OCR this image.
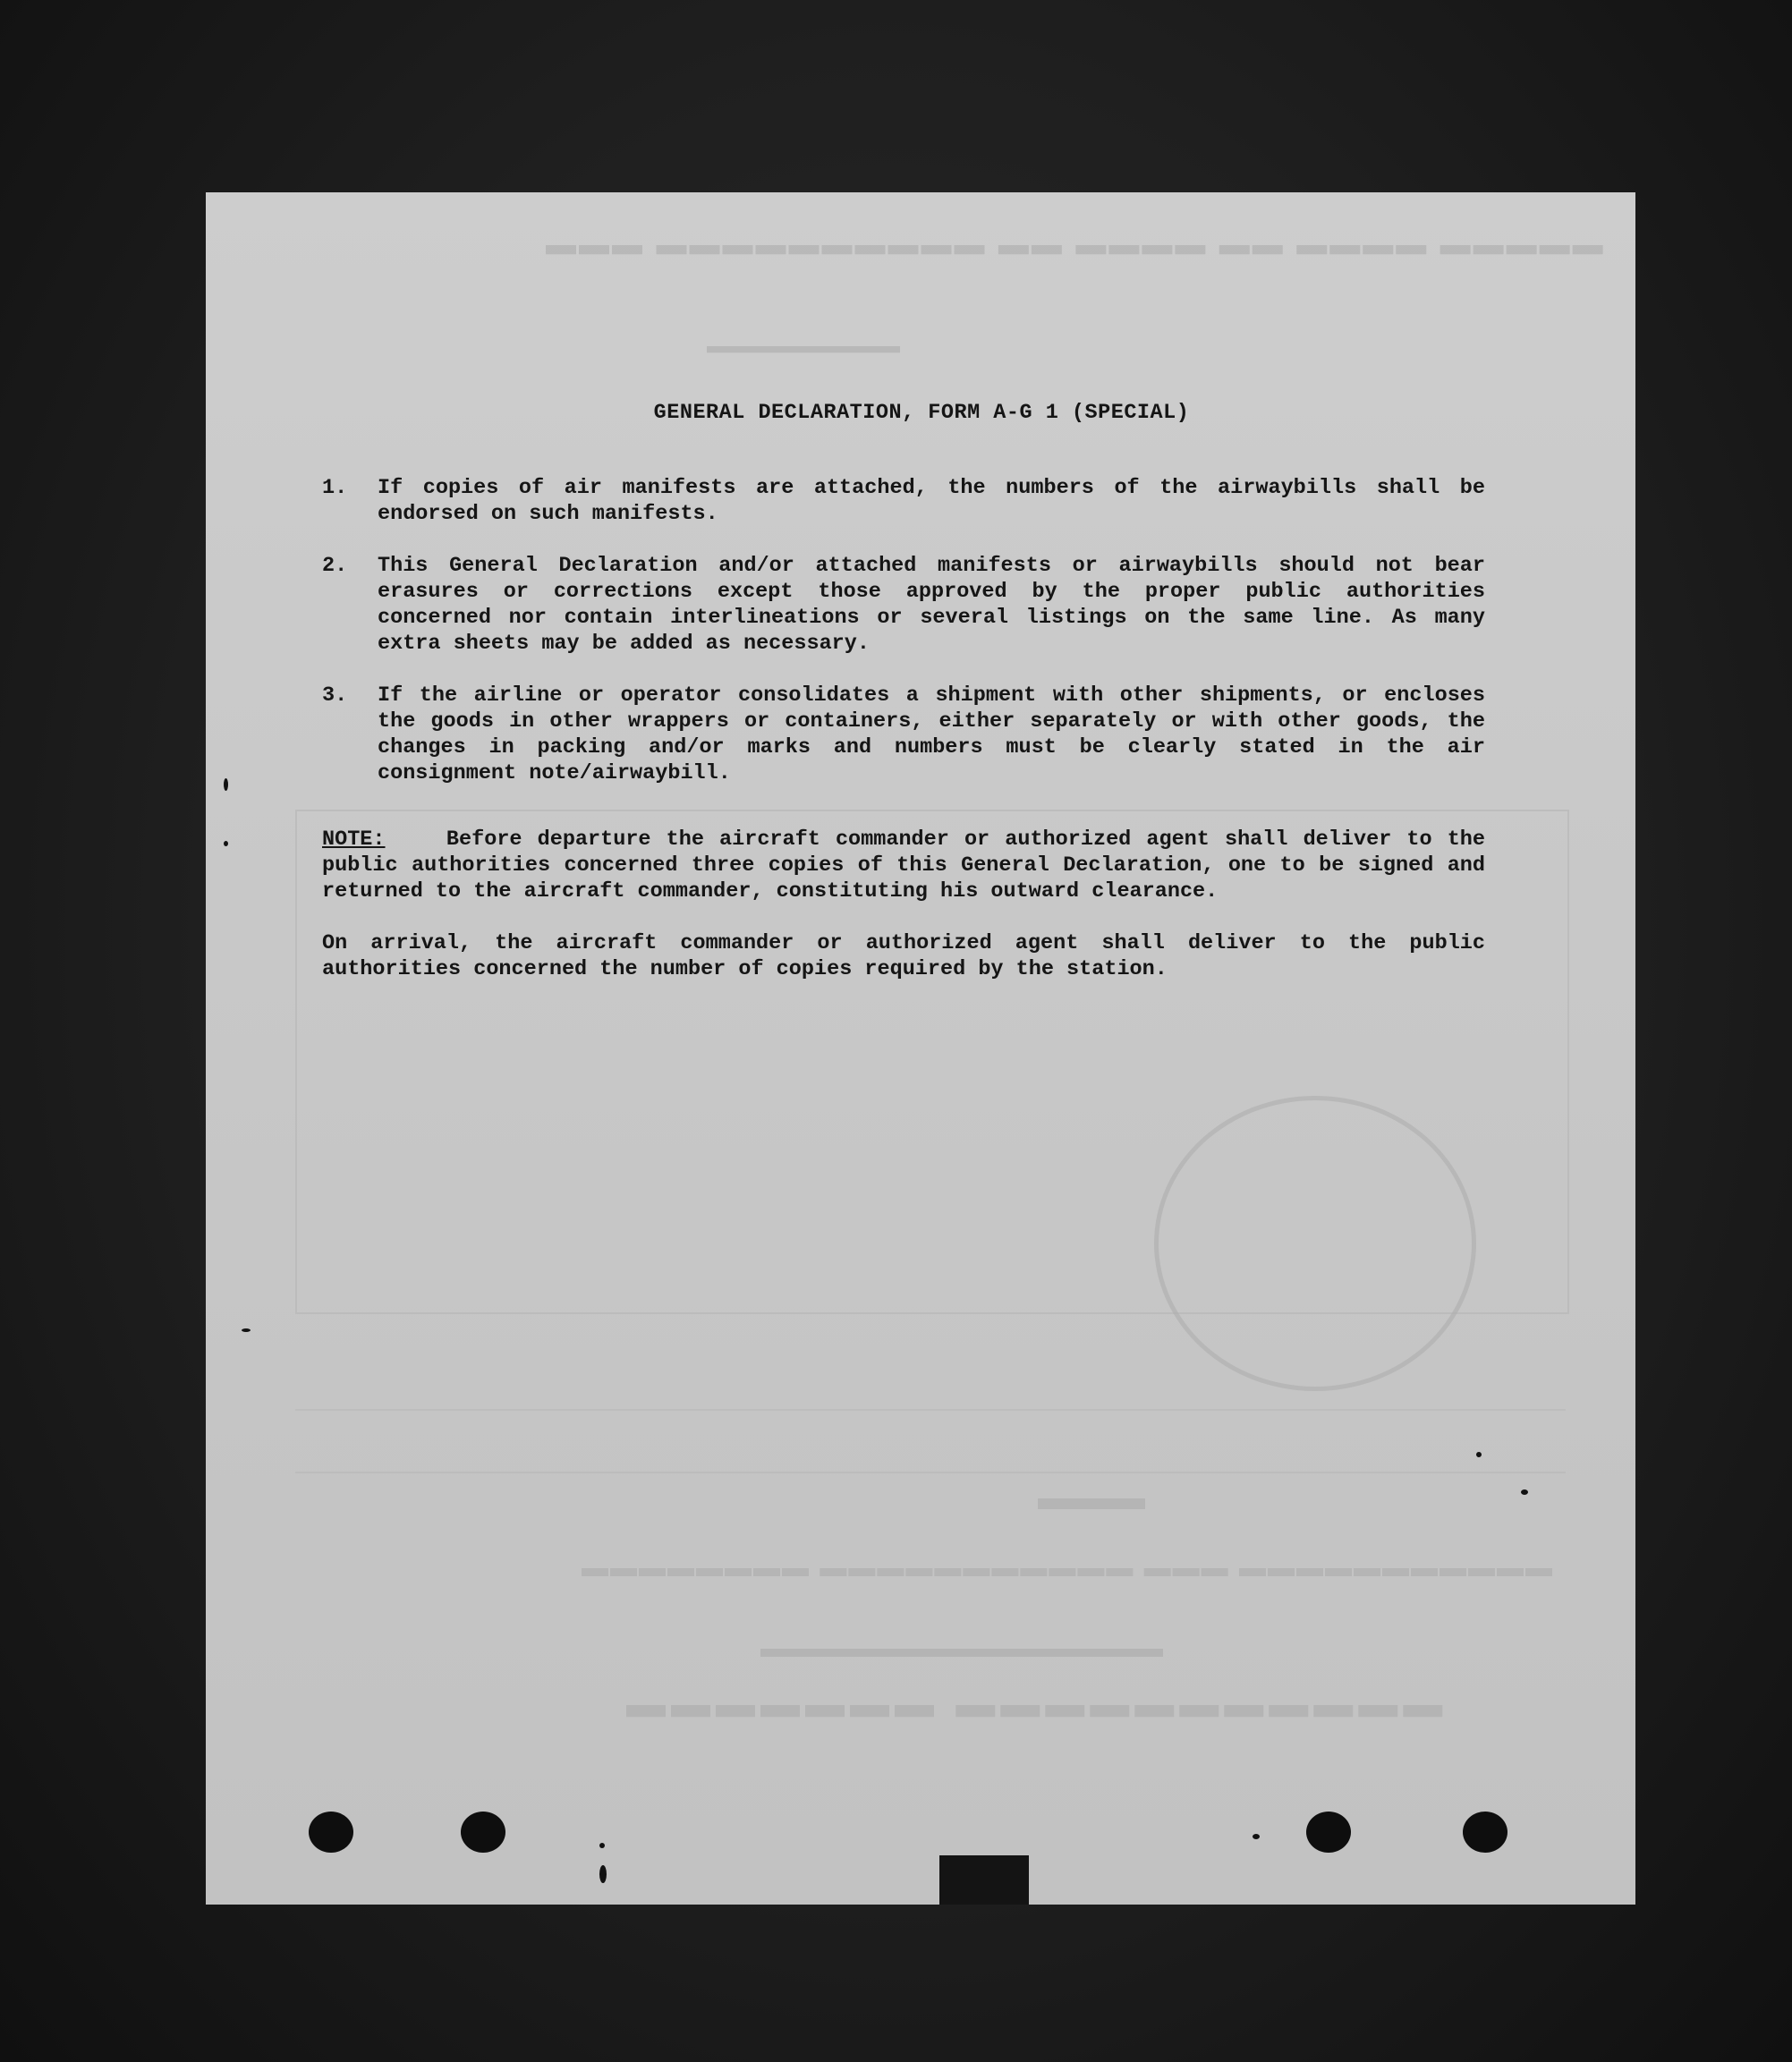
▬▬▬ ▬▬▬▬▬▬▬▬▬▬ ▬▬ ▬▬▬▬ ▬▬ ▬▬▬▬ ▬▬▬▬▬
▬▬▬▬▬▬▬▬▬
▬▬▬▬▬▬▬▬ ▬▬▬▬▬▬▬▬▬▬▬ ▬▬▬ ▬▬▬▬▬▬▬▬▬▬▬
▬▬▬▬▬▬▬▬▬▬▬▬▬▬▬
▬▬▬▬▬▬▬ ▬▬▬▬▬▬▬▬▬▬▬
▬▬▬
GENERAL DECLARATION, FORM A-G 1 (SPECIAL)
1. If copies of air manifests are attached, the numbers of the airwaybills shall be endorsed on such manifests.
2. This General Declaration and/or attached manifests or airwaybills should not bear erasures or corrections except those approved by the proper public authorities concerned nor contain interlineations or several listings on the same line. As many extra sheets may be added as necessary.
3. If the airline or operator consolidates a shipment with other shipments, or encloses the goods in other wrappers or containers, either separately or with other goods, the changes in packing and/or marks and numbers must be clearly stated in the air consignment note/airwaybill.
NOTE:	Before departure the aircraft commander or authorized agent shall deliver to the public authorities concerned three copies of this General Declaration, one to be signed and returned to the aircraft commander, constituting his outward clearance.
On arrival, the aircraft commander or authorized agent shall deliver to the public authorities concerned the number of copies required by the station.
